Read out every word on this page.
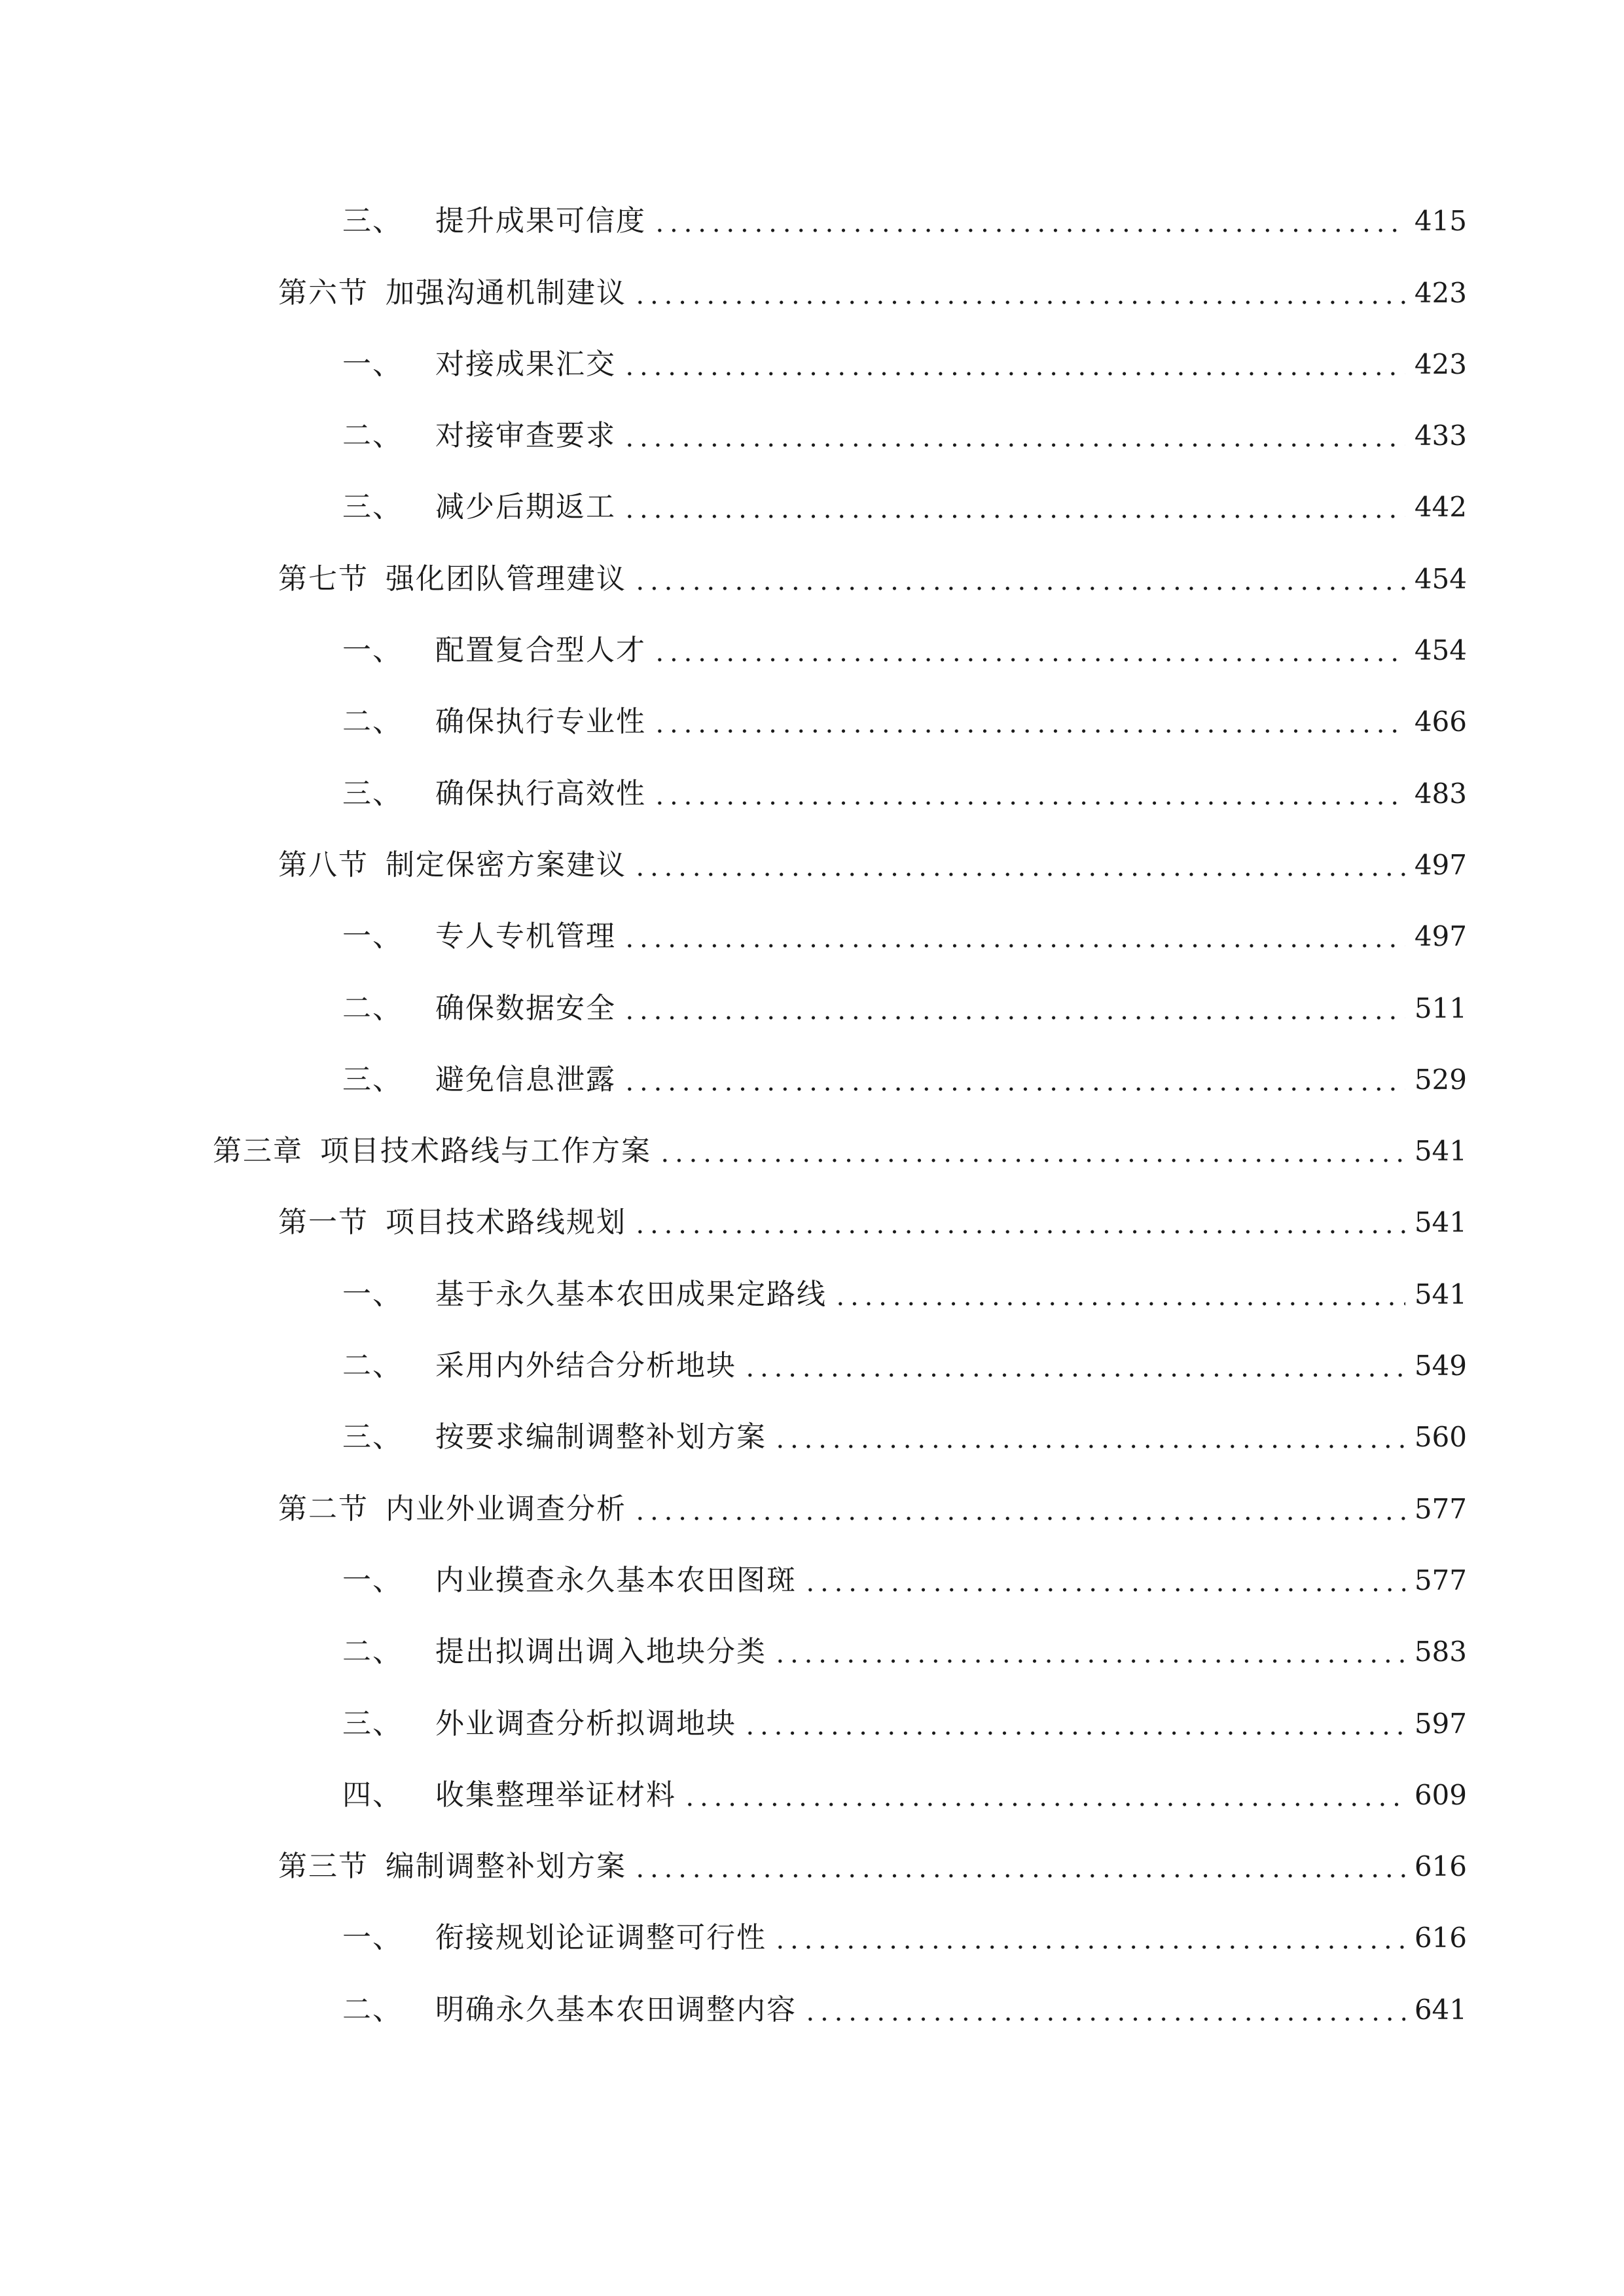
三、 提升成果可信度	415
第六节 加强沟通机制建议	423
一、 对接成果汇交	423
二、 对接审查要求	433
三、 减少后期返工	442
第七节 强化团队管理建议	454
一、 配置复合型人才	454
二、 确保执行专业性	466
三、 确保执行高效性	483
第八节 制定保密方案建议	497
一、 专人专机管理	497
二、 确保数据安全	511
三、 避免信息泄露	529
第三章 项目技术路线与工作方案	541
第一节 项目技术路线规划	541
一、 基于永久基本农田成果定路线	541
二、 采用内外结合分析地块	549
三、 按要求编制调整补划方案	560
第二节 内业外业调查分析	577
一、 内业摸查永久基本农田图斑	577
二、 提出拟调出调入地块分类	583
三、 外业调查分析拟调地块	597
四、 收集整理举证材料	609
第三节 编制调整补划方案	616
一、 衔接规划论证调整可行性	616
二、 明确永久基本农田调整内容	641
